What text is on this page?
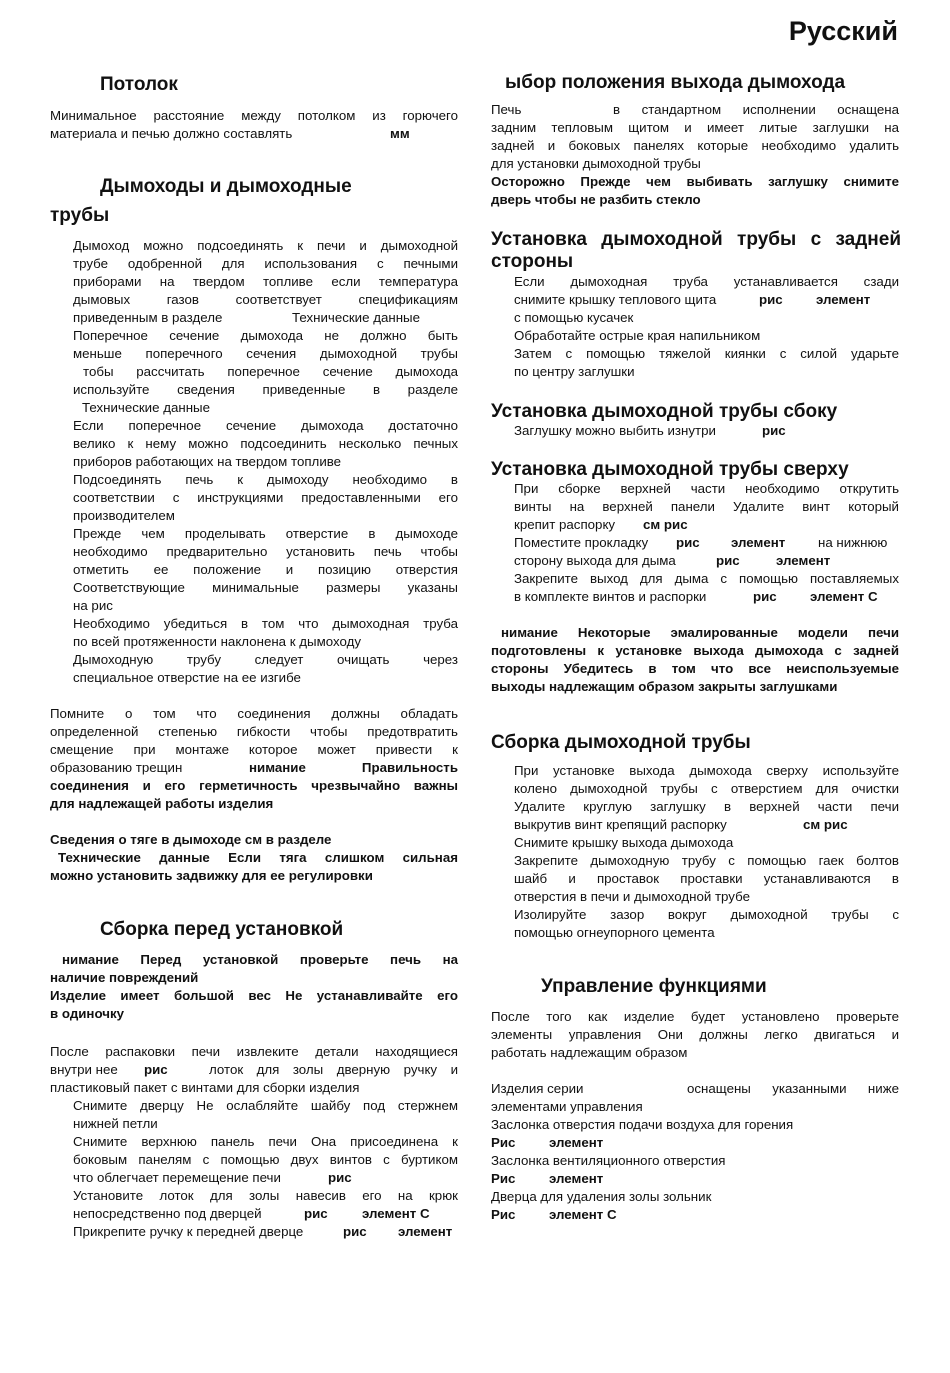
Русский
Потолок
Минимальное расстояние между потолком из горючего
материала и печью должно составлять	мм
Дымоходы и дымоходные
трубы
Дымоход можно подсоединять к печи и дымоходной
трубе одобренной для использования с печными
приборами на твердом топливе если температура
дымовых газов соответствует спецификациям
приведенным в разделе	Технические данные
Поперечное сечение дымохода не должно быть
меньше поперечного сечения дымоходной трубы
тобы рассчитать поперечное сечение дымохода
используйте сведения приведенные в разделе
Технические данные
Если поперечное сечение дымохода достаточно
велико к нему можно подсоединить несколько печных
приборов работающих на твердом топливе
Подсоединять печь к дымоходу необходимо в
соответствии с инструкциями предоставленными его
производителем
Прежде чем проделывать отверстие в дымоходе
необходимо предварительно установить печь чтобы
отметить ее положение и позицию отверстия
Соответствующие минимальные размеры указаны
на рис
Необходимо убедиться в том что дымоходная труба
по всей протяженности наклонена к дымоходу
Дымоходную трубу следует очищать через
специальное отверстие на ее изгибе
Помните о том что соединения должны обладать
определенной степенью гибкости чтобы предотвратить
смещение при монтаже которое может привести к
образованию трещин	нимание Правильность
соединения и его герметичность чрезвычайно важны
для надлежащей работы изделия
Сведения о тяге в дымоходе см в разделе
Технические данные Если тяга слишком сильная
можно установить задвижку для ее регулировки
Сборка перед установкой
нимание Перед установкой проверьте печь на
наличие повреждений
Изделие имеет большой вес Не устанавливайте его
в одиночку
После распаковки печи извлеките детали находящиеся
внутри нее рис	лоток для золы дверную ручку и
пластиковый пакет с винтами для сборки изделия
Снимите дверцу Не ослабляйте шайбу под стержнем
нижней петли
Снимите верхнюю панель печи Она присоединена к
боковым панелям с помощью двух винтов с буртиком
что облегчает перемещение печи	рис
Установите лоток для золы навесив его на крюк
непосредственно под дверцей	рис	элемент C
Прикрепите ручку к передней дверце	рис элемент
ыбор положения выхода дымохода
Печь	в стандартном исполнении оснащена
задним тепловым щитом и имеет литые заглушки на
задней и боковых панелях которые необходимо удалить
для установки дымоходной трубы
Осторожно Прежде чем выбивать заглушку снимите
дверь чтобы не разбить стекло
Установка дымоходной трубы с задней
стороны
Если дымоходная труба устанавливается сзади
снимите крышку теплового щита	рис	элемент
с помощью кусачек
Обработайте острые края напильником
Затем с помощью тяжелой киянки с силой ударьте
по центру заглушки
Установка дымоходной трубы сбоку
Заглушку можно выбить изнутри	рис
Установка дымоходной трубы сверху
При сборке верхней части необходимо открутить
винты на верхней панели Удалите винт который
крепит распорку см рис
Поместите прокладку рис элемент на нижнюю
сторону выхода для дыма	рис	элемент
Закрепите выход для дыма с помощью поставляемых
в комплекте винтов и распорки	рис	элемент C
нимание Некоторые эмалированные модели печи
подготовлены к установке выхода дымохода с задней
стороны Убедитесь в том что все неиспользуемые
выходы надлежащим образом закрыты заглушками
Сборка дымоходной трубы
При установке выхода дымохода сверху используйте
колено дымоходной трубы с отверстием для очистки
Удалите круглую заглушку в верхней части печи
выкрутив винт крепящий распорку	см рис
Снимите крышку выхода дымохода
Закрепите дымоходную трубу с помощью гаек болтов
шайб и проставок проставки устанавливаются в
отверстия в печи и дымоходной трубе
Изолируйте зазор вокруг дымоходной трубы с
помощью огнеупорного цемента
Управление функциями
После того как изделие будет установлено проверьте
элементы управления Они должны легко двигаться и
работать надлежащим образом
Изделия серии	оснащены указанными ниже
элементами управления
Заслонка отверстия подачи воздуха для горения
Рис	элемент
Заслонка вентиляционного отверстия
Рис	элемент
Дверца для удаления золы зольник
Рис	элемент C
